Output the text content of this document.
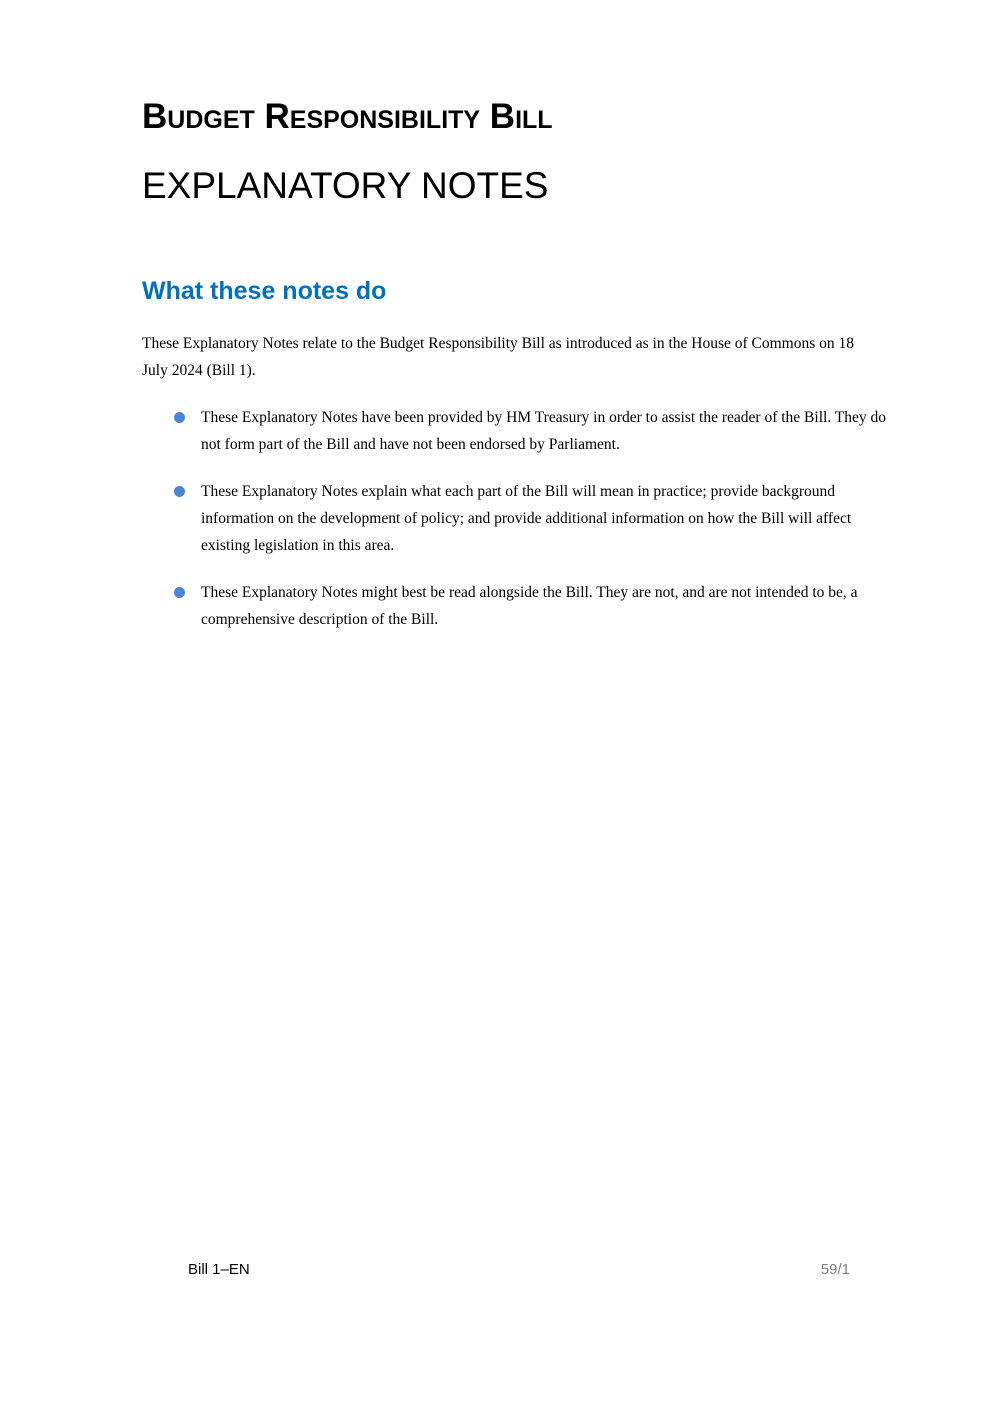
Budget Responsibility Bill
EXPLANATORY NOTES
What these notes do

These Explanatory Notes relate to the Budget Responsibility Bill as introduced as in the House of Commons on 18 July 2024 (Bill 1).

These Explanatory Notes have been provided by HM Treasury in order to assist the reader of the Bill. They do not form part of the Bill and have not been endorsed by Parliament.
These Explanatory Notes explain what each part of the Bill will mean in practice; provide background information on the development of policy; and provide additional information on how the Bill will affect existing legislation in this area.
These Explanatory Notes might best be read alongside the Bill. They are not, and are not intended to be, a comprehensive description of the Bill.
Bill 1–EN	59/1
